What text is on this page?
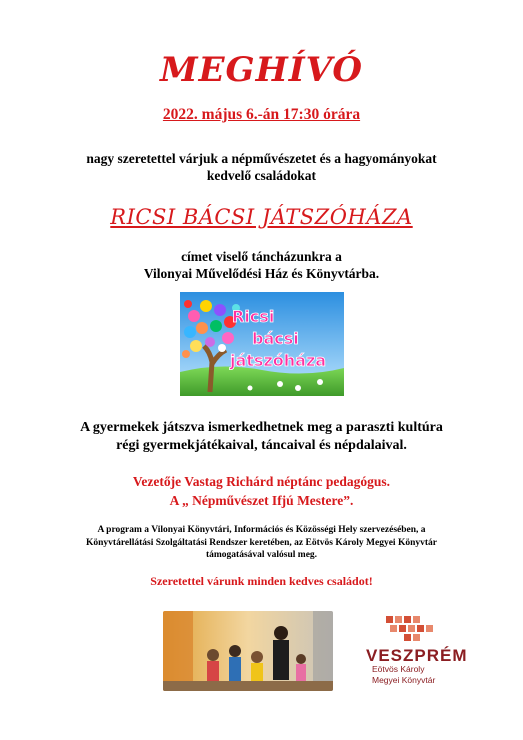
MEGHÍVÓ
2022. május 6.-án 17:30 órára
nagy szeretettel várjuk a népművészetet és a hagyományokat
kedvelő családokat
RICSI BÁCSI JÁTSZÓHÁZA
címet viselő táncházunkra a
Vilonyai Művelődési Ház és Könyvtárba.
Ricsi
bácsi
játszóháza
A gyermekek játszva ismerkedhetnek meg a paraszti kultúra
régi gyermekjátékaival, táncaival és népdalaival.
Vezetője Vastag Richárd néptánc pedagógus.
A „ Népművészet Ifjú Mestere”.
A program a Vilonyai Könyvtári, Információs és Közösségi Hely szervezésében, a
Könyvtárellátási Szolgáltatási Rendszer keretében, az Eötvös Károly Megyei Könyvtár
támogatásával valósul meg.
Szeretettel várunk minden kedves családot!
VESZPRÉM
Eötvös Károly
Megyei Könyvtár
